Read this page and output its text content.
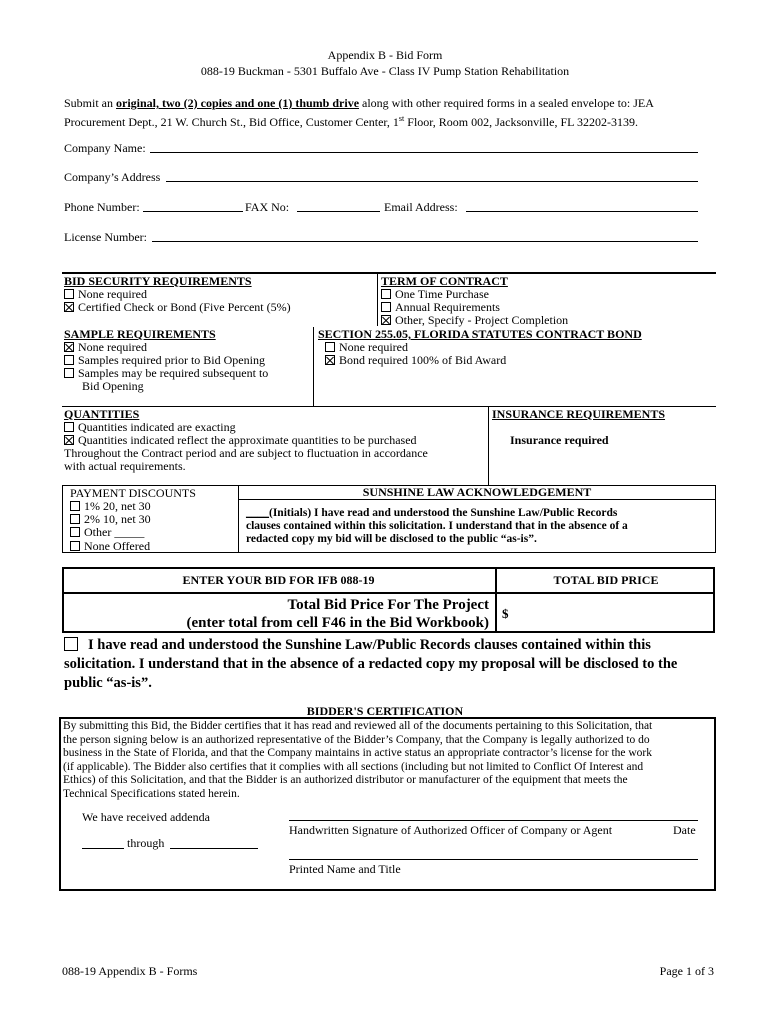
Appendix B - Bid Form
088-19 Buckman - 5301 Buffalo Ave - Class IV Pump Station Rehabilitation
Submit an original, two (2) copies and one (1) thumb drive along with other required forms in a sealed envelope to: JEA
Procurement Dept., 21 W. Church St., Bid Office, Customer Center, 1st Floor, Room 002, Jacksonville, FL 32202-3139.
Company Name:
Company’s Address
Phone Number:	FAX No:	Email Address:
License Number:
BID SECURITY REQUIREMENTS
None required
Certified Check or Bond (Five Percent (5%)
TERM OF CONTRACT
One Time Purchase
Annual Requirements
Other, Specify - Project Completion
SAMPLE REQUIREMENTS
None required
Samples required prior to Bid Opening
Samples may be required subsequent to
Bid Opening
SECTION 255.05, FLORIDA STATUTES CONTRACT BOND
None required
Bond required 100% of Bid Award
QUANTITIES
Quantities indicated are exacting
Quantities indicated reflect the approximate quantities to be purchased
Throughout the Contract period and are subject to fluctuation in accordance
with actual requirements.
INSURANCE REQUIREMENTS
Insurance required
PAYMENT DISCOUNTS
1% 20, net 30
2% 10, net 30
Other _____
None Offered
SUNSHINE LAW ACKNOWLEDGEMENT
____(Initials) I have read and understood the Sunshine Law/Public Records
clauses contained within this solicitation. I understand that in the absence of a
redacted copy my bid will be disclosed to the public “as-is”.
ENTER YOUR BID FOR IFB 088-19	TOTAL BID PRICE
Total Bid Price For The Project
(enter total from cell F46 in the Bid Workbook)
$
I have read and understood the Sunshine Law/Public Records clauses contained within this
solicitation. I understand that in the absence of a redacted copy my proposal will be disclosed to the
public “as-is”.
BIDDER'S CERTIFICATION
By submitting this Bid, the Bidder certifies that it has read and reviewed all of the documents pertaining to this Solicitation, that
the person signing below is an authorized representative of the Bidder’s Company, that the Company is legally authorized to do
business in the State of Florida, and that the Company maintains in active status an appropriate contractor’s license for the work
(if applicable). The Bidder also certifies that it complies with all sections (including but not limited to Conflict Of Interest and
Ethics) of this Solicitation, and that the Bidder is an authorized distributor or manufacturer of the equipment that meets the
Technical Specifications stated herein.
We have received addenda
through
Handwritten Signature of Authorized Officer of Company or Agent	Date
Printed Name and Title
088-19 Appendix B - Forms	Page 1 of 3
